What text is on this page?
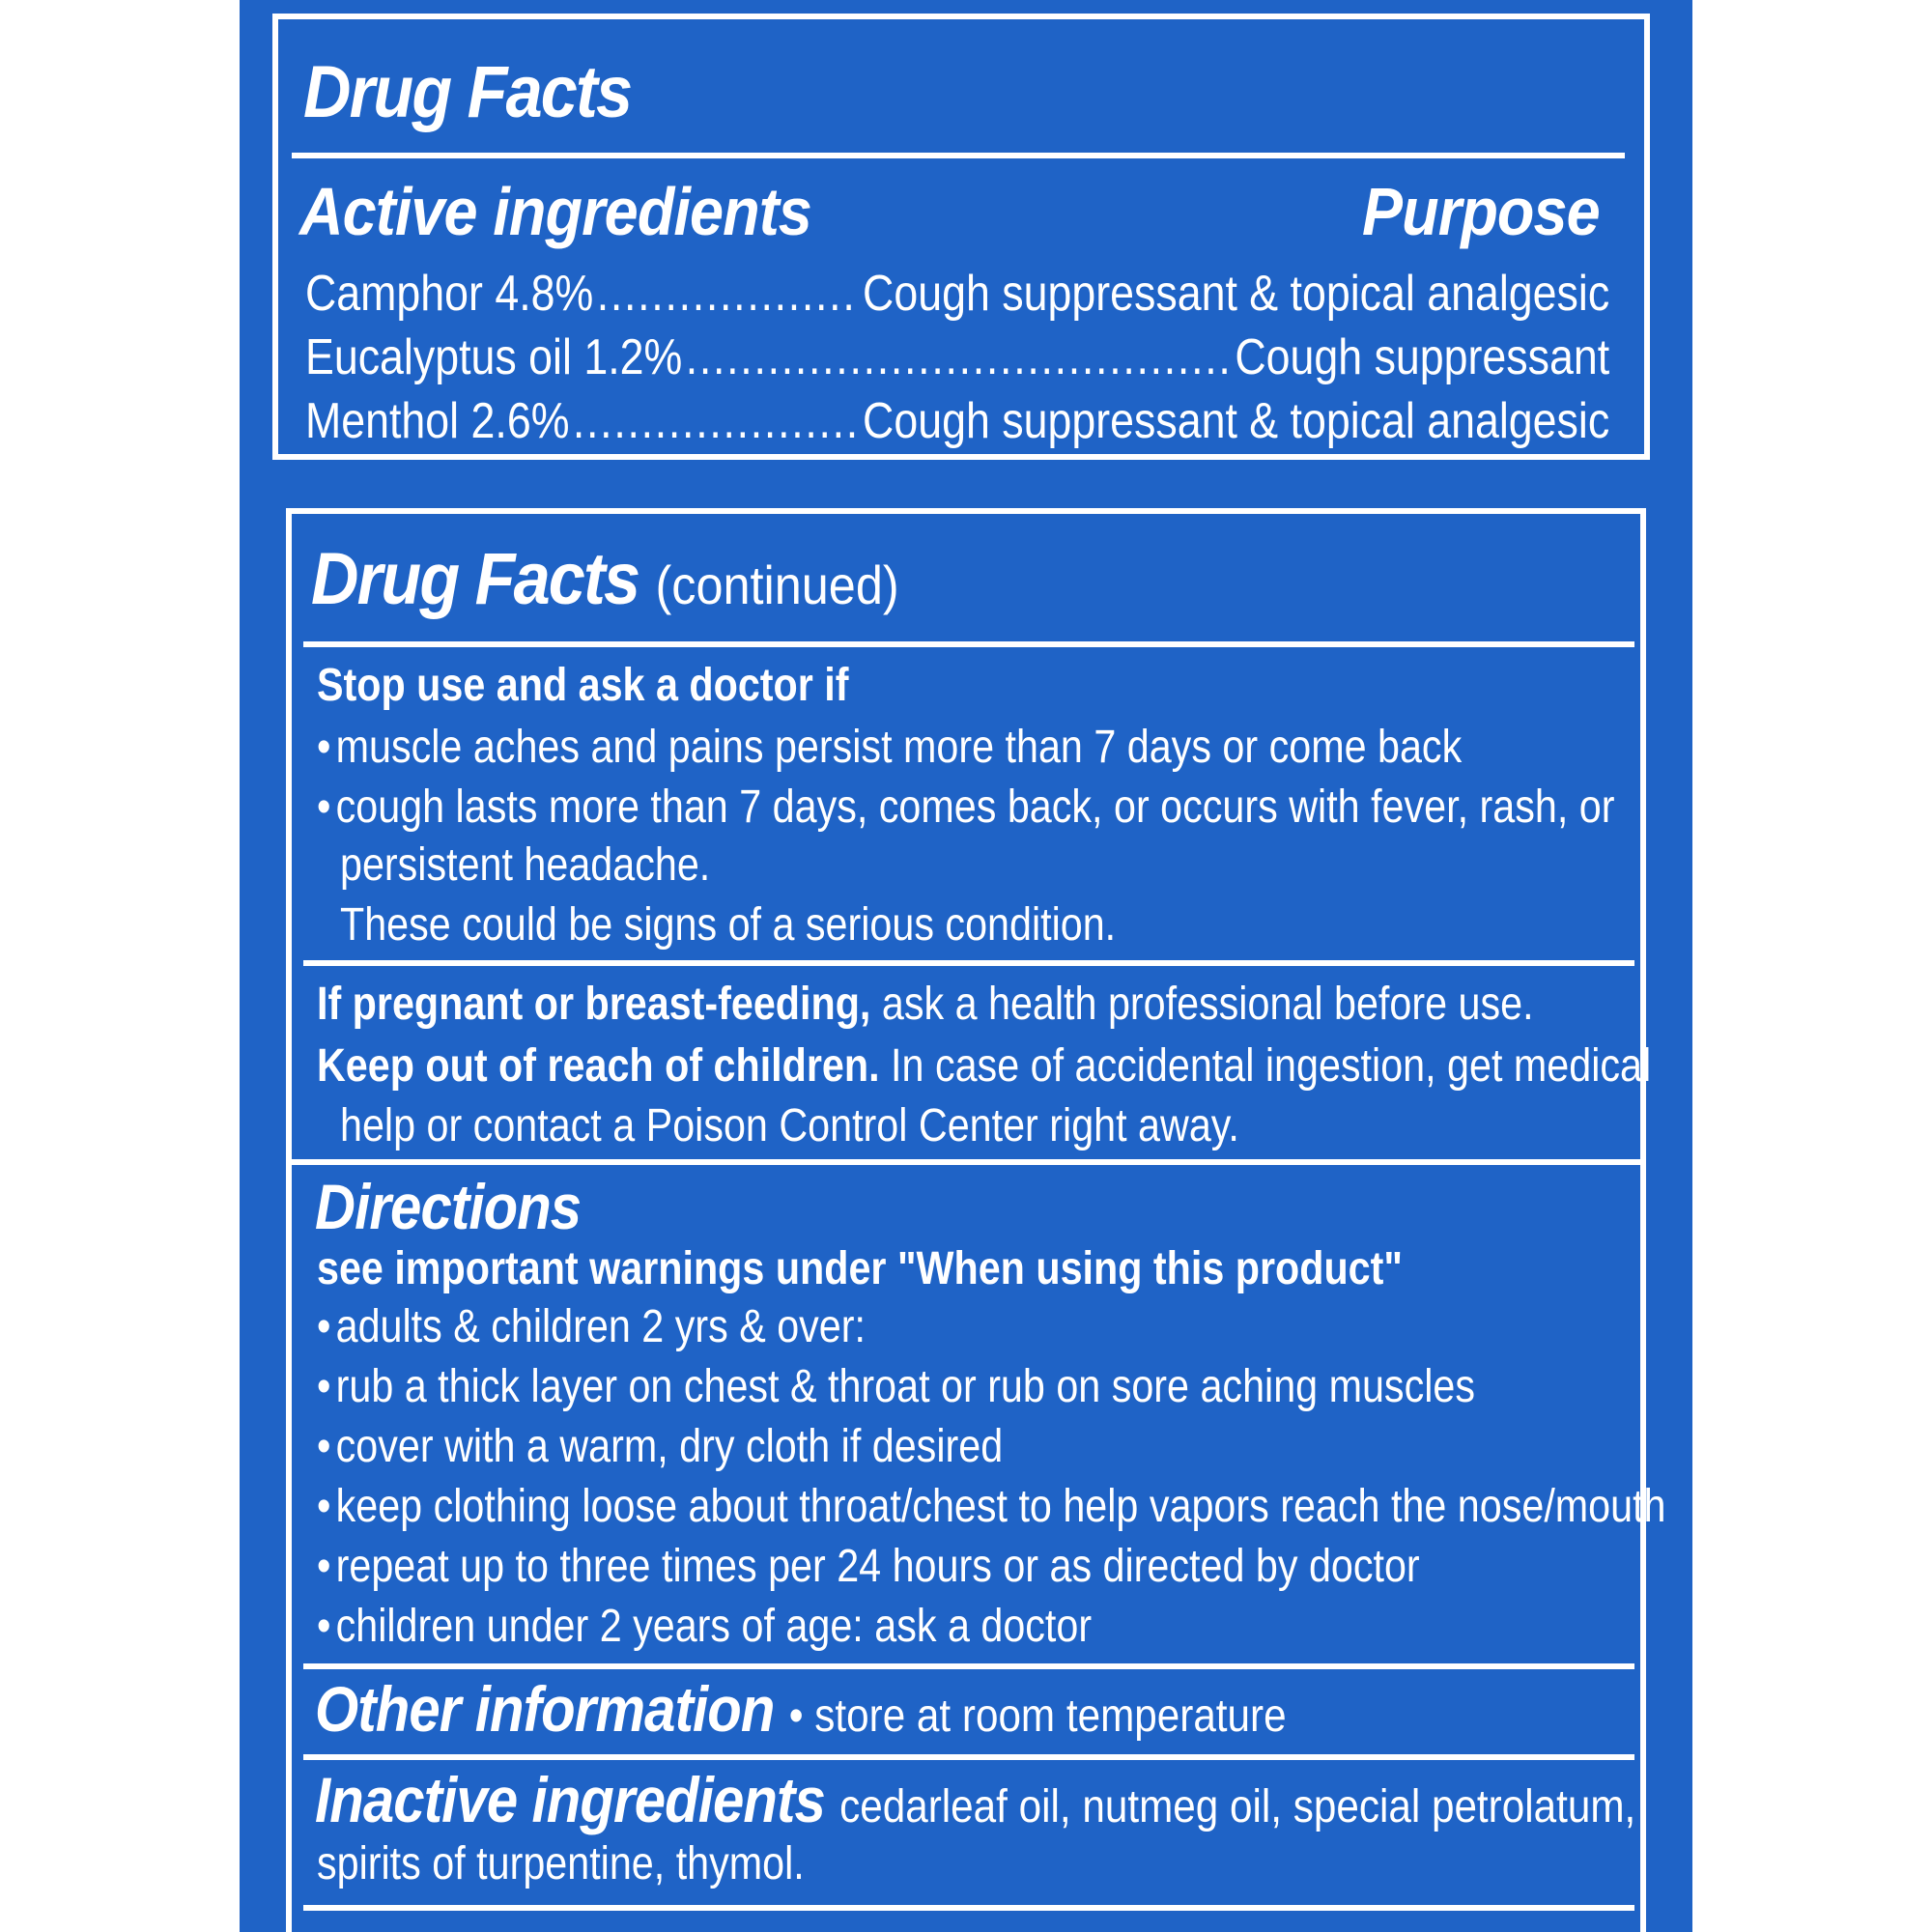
Drug Facts
Active ingredients	Purpose
Camphor 4.8% .....	Cough suppressant & topical analgesic
Eucalyptus oil 1.2% .....	Cough suppressant
Menthol 2.6% .....	Cough suppressant & topical analgesic
Drug Facts (continued)
Stop use and ask a doctor if
• muscle aches and pains persist more than 7 days or come back
• cough lasts more than 7 days, comes back, or occurs with fever, rash, or
persistent headache.
These could be signs of a serious condition.
If pregnant or breast-feeding, ask a health professional before use.
Keep out of reach of children. In case of accidental ingestion, get medical
help or contact a Poison Control Center right away.
Directions
see important warnings under "When using this product"
• adults & children 2 yrs & over:
• rub a thick layer on chest & throat or rub on sore aching muscles
• cover with a warm, dry cloth if desired
• keep clothing loose about throat/chest to help vapors reach the nose/mouth
• repeat up to three times per 24 hours or as directed by doctor
• children under 2 years of age: ask a doctor
Other information • store at room temperature
Inactive ingredients cedarleaf oil, nutmeg oil, special petrolatum,
spirits of turpentine, thymol.
